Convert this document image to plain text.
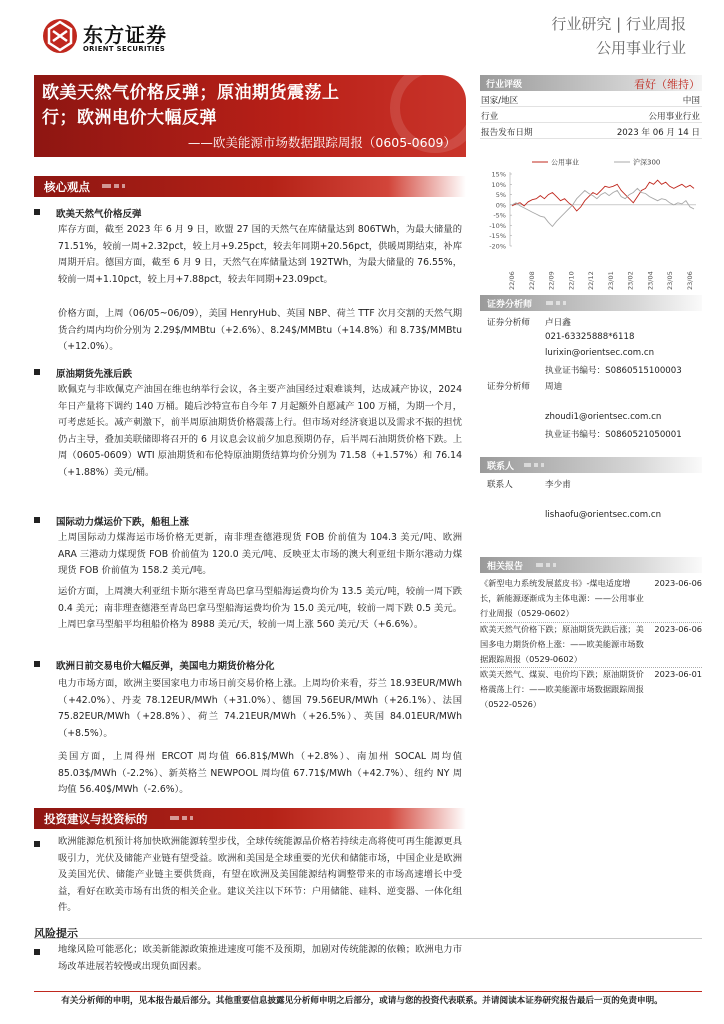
东方证券
ORIENT SECURITIES
行业研究 | 行业周报
公用事业行业
欧美天然气价格反弹；原油期货震荡上
行；欧洲电价大幅反弹
——欧美能源市场数据跟踪周报（0605-0609）
行业评级	看好（维持）
国家/地区	中国
行业	公用事业行业
报告发布日期	2023 年 06 月 14 日
15%
10%
5%
0%
-5%
-10%
-15%
-20%
公用事业	沪深300
22/06 22/08 22/09 22/10 22/12 23/01 23/02 23/04 23/05 23/06
核心观点
欧美天然气价格反弹
库存方面，截至 2023 年 6 月 9 日，欧盟 27 国的天然气在库储量达到 806TWh，为最大储量的 71.51%，较前一周+2.32pct，较上月+9.25pct，较去年同期+20.56pct，供暖周期结束，补库周期开启。德国方面，截至 6 月 9 日，天然气在库储量达到 192TWh，为最大储量的 76.55%，较前一周+1.10pct，较上月+7.88pct，较去年同期+23.09pct。
价格方面，上周（06/05~06/09），美国 HenryHub、英国 NBP、荷兰 TTF 次月交割的天然气期货合约周内均价分别为 2.29$/MMBtu（+2.6%）、8.24$/MMBtu（+14.8%）和 8.73$/MMBtu（+12.0%）。
原油期货先涨后跌
欧佩克与非欧佩克产油国在维也纳举行会议，各主要产油国经过艰难谈判，达成减产协议，2024 年日产量将下调约 140 万桶。随后沙特宣布自今年 7 月起额外自愿减产 100 万桶，为期一个月，可考虑延长。减产刺激下，前半周原油期货价格震荡上行。但市场对经济衰退以及需求不振的担忧仍占主导，叠加美联储即将召开的 6 月议息会议前夕加息预期仍存，后半周石油期货价格下跌。上周（0605-0609）WTI 原油期货和布伦特原油期货结算均价分别为 71.58（+1.57%）和 76.14（+1.88%）美元/桶。
国际动力煤运价下跌，船租上涨
上周国际动力煤海运市场价格无更新，南非理查德港现货 FOB 价前值为 104.3 美元/吨、欧洲 ARA 三港动力煤现货 FOB 价前值为 120.0 美元/吨、反映亚太市场的澳大利亚纽卡斯尔港动力煤现货 FOB 价前值为 158.2 美元/吨。
运价方面，上周澳大利亚纽卡斯尔港至青岛巴拿马型船海运费均价为 13.5 美元/吨，较前一周下跌 0.4 美元；南非理查德港至青岛巴拿马型船海运费均价为 15.0 美元/吨，较前一周下跌 0.5 美元。上周巴拿马型船平均租船价格为 8988 美元/天，较前一周上涨 560 美元/天（+6.6%）。
欧洲日前交易电价大幅反弹，美国电力期货价格分化
电力市场方面，欧洲主要国家电力市场日前交易价格上涨。上周均价来看，芬兰 18.93EUR/MWh（+42.0%）、丹麦 78.12EUR/MWh（+31.0%）、德国 79.56EUR/MWh（+26.1%）、法国 75.82EUR/MWh（+28.8%）、荷兰 74.21EUR/MWh（+26.5%）、英国 84.01EUR/MWh（+8.5%）。
美国方面，上周得州 ERCOT 周均值 66.81$/MWh（+2.8%）、南加州 SOCAL 周均值 85.03$/MWh（-2.2%）、新英格兰 NEWPOOL 周均值 67.71$/MWh（+42.7%）、纽约 NY 周均值 56.40$/MWh（-2.6%）。
投资建议与投资标的
欧洲能源危机预计将加快欧洲能源转型步伐，全球传统能源品价格若持续走高将使可再生能源更具吸引力，光伏及储能产业链有望受益。欧洲和美国是全球重要的光伏和储能市场，中国企业是欧洲及美国光伏、储能产业链主要供货商，有望在欧洲及美国能源结构调整带来的市场高速增长中受益，看好在欧美市场有出货的相关企业。建议关注以下环节：户用储能、硅料、逆变器、一体化组件。
风险提示
地缘风险可能恶化；欧美新能源政策推进速度可能不及预期，加剧对传统能源的依赖；欧洲电力市场改革进展若较慢或出现负面因素。
证券分析师
证券分析师 卢日鑫
021-63325888*6118
lurixin@orientsec.com.cn
执业证书编号：S0860515100003
证券分析师 周迪
zhoudi1@orientsec.com.cn
执业证书编号：S0860521050001
联系人
联系人	李少甫
lishaofu@orientsec.com.cn
相关报告
《新型电力系统发展蓝皮书》-煤电适度增长，新能源逐渐成为主体电源：——公用事业行业周报（0529-0602）
2023-06-06
欧美天然气价格下跌；原油期货先跌后涨；美国多电力期货价格上涨：——欧美能源市场数据跟踪周报（0529-0602）
2023-06-06
欧美天然气、煤炭、电价均下跌；原油期货价格震荡上行：——欧美能源市场数据跟踪周报（0522-0526）
2023-06-01
有关分析师的申明，见本报告最后部分。其他重要信息披露见分析师申明之后部分，或请与您的投资代表联系。并请阅读本证券研究报告最后一页的免责申明。
